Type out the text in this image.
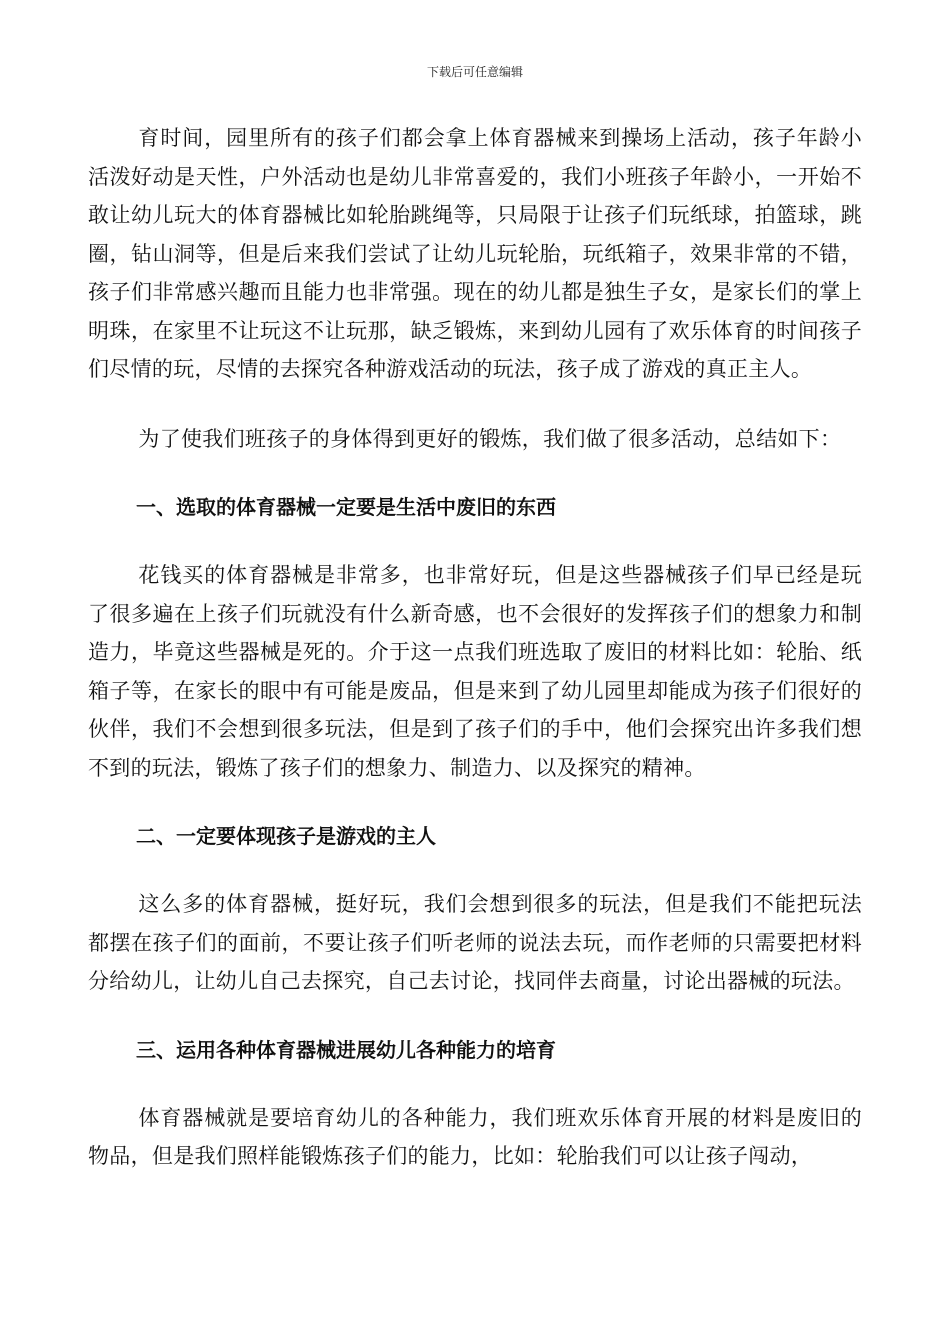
下载后可任意编辑

育时间，园里所有的孩子们都会拿上体育器械来到操场上活动，孩子年龄小活泼好动是天性，户外活动也是幼儿非常喜爱的，我们小班孩子年龄小，一开始不敢让幼儿玩大的体育器械比如轮胎跳绳等，只局限于让孩子们玩纸球，拍篮球，跳圈，钻山洞等，但是后来我们尝试了让幼儿玩轮胎，玩纸箱子，效果非常的不错，孩子们非常感兴趣而且能力也非常强。现在的幼儿都是独生子女，是家长们的掌上明珠，在家里不让玩这不让玩那，缺乏锻炼，来到幼儿园有了欢乐体育的时间孩子们尽情的玩，尽情的去探究各种游戏活动的玩法，孩子成了游戏的真正主人。

为了使我们班孩子的身体得到更好的锻炼，我们做了很多活动，总结如下：

一、选取的体育器械一定要是生活中废旧的东西

花钱买的体育器械是非常多，也非常好玩，但是这些器械孩子们早已经是玩了很多遍在上孩子们玩就没有什么新奇感，也不会很好的发挥孩子们的想象力和制造力，毕竟这些器械是死的。介于这一点我们班选取了废旧的材料比如：轮胎、纸箱子等，在家长的眼中有可能是废品，但是来到了幼儿园里却能成为孩子们很好的伙伴，我们不会想到很多玩法，但是到了孩子们的手中，他们会探究出许多我们想不到的玩法，锻炼了孩子们的想象力、制造力、以及探究的精神。

二、一定要体现孩子是游戏的主人

这么多的体育器械，挺好玩，我们会想到很多的玩法，但是我们不能把玩法都摆在孩子们的面前，不要让孩子们听老师的说法去玩，而作老师的只需要把材料分给幼儿，让幼儿自己去探究，自己去讨论，找同伴去商量，讨论出器械的玩法。

三、运用各种体育器械进展幼儿各种能力的培育

体育器械就是要培育幼儿的各种能力，我们班欢乐体育开展的材料是废旧的物品，但是我们照样能锻炼孩子们的能力，比如：轮胎我们可以让孩子闯动，
